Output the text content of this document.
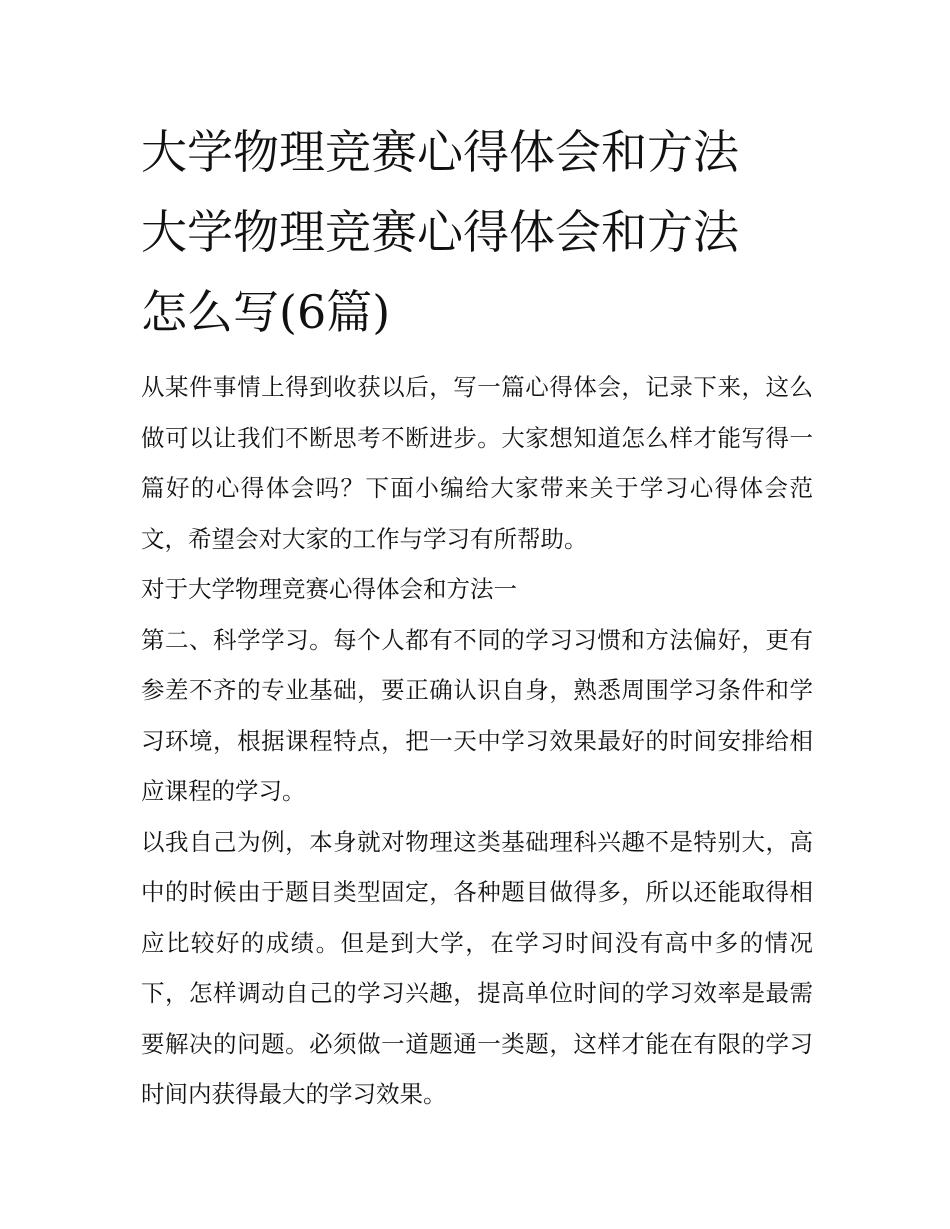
大学物理竞赛心得体会和方法
大学物理竞赛心得体会和方法
怎么写(6篇)

从某件事情上得到收获以后，写一篇心得体会，记录下来，这么做可以让我们不断思考不断进步。大家想知道怎么样才能写得一篇好的心得体会吗？下面小编给大家带来关于学习心得体会范文，希望会对大家的工作与学习有所帮助。

对于大学物理竞赛心得体会和方法一

第二、科学学习。每个人都有不同的学习习惯和方法偏好，更有参差不齐的专业基础，要正确认识自身，熟悉周围学习条件和学习环境，根据课程特点，把一天中学习效果最好的时间安排给相应课程的学习。

以我自己为例，本身就对物理这类基础理科兴趣不是特别大，高中的时候由于题目类型固定，各种题目做得多，所以还能取得相应比较好的成绩。但是到大学，在学习时间没有高中多的情况下，怎样调动自己的学习兴趣，提高单位时间的学习效率是最需要解决的问题。必须做一道题通一类题，这样才能在有限的学习时间内获得最大的学习效果。
